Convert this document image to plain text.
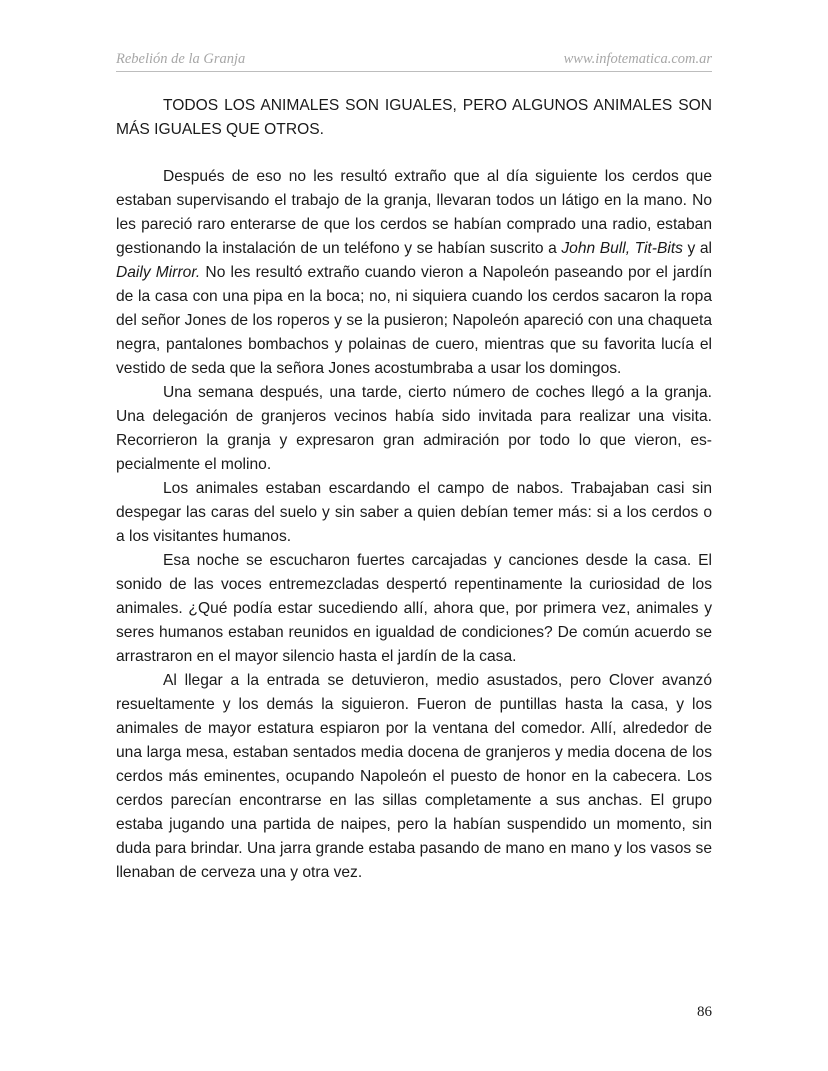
Rebelión de la Granja	www.infotematica.com.ar

TODOS LOS ANIMALES SON IGUALES, PERO ALGUNOS ANIMALES SON MÁS IGUALES QUE OTROS.

Después de eso no les resultó extraño que al día siguiente los cerdos que estaban supervisando el trabajo de la granja, llevaran todos un látigo en la mano. No les pareció raro enterarse de que los cerdos se habían comprado una radio, estaban gestionando la instalación de un teléfono y se habían suscrito a John Bull, Tit-Bits y al Daily Mirror. No les resultó extraño cuando vieron a Napoleón paseando por el jardín de la casa con una pipa en la boca; no, ni siquiera cuando los cerdos sacaron la ropa del señor Jones de los roperos y se la pusieron; Napoleón apareció con una chaqueta negra, pantalones bombachos y polainas de cuero, mientras que su favorita lucía el vestido de seda que la señora Jones acostumbraba a usar los domingos.

Una semana después, una tarde, cierto número de coches llegó a la granja. Una delegación de granjeros vecinos había sido invitada para realizar una visita. Recorrieron la granja y expresaron gran admiración por todo lo que vieron, especialmente el molino.

Los animales estaban escardando el campo de nabos. Trabajaban casi sin despegar las caras del suelo y sin saber a quien debían temer más: si a los cerdos o a los visitantes humanos.

Esa noche se escucharon fuertes carcajadas y canciones desde la casa. El sonido de las voces entremezcladas despertó repentinamente la curiosidad de los animales. ¿Qué podía estar sucediendo allí, ahora que, por primera vez, animales y seres humanos estaban reunidos en igualdad de condiciones? De común acuerdo se arrastraron en el mayor silencio hasta el jardín de la casa.

Al llegar a la entrada se detuvieron, medio asustados, pero Clover avanzó resueltamente y los demás la siguieron. Fueron de puntillas hasta la casa, y los animales de mayor estatura espiaron por la ventana del comedor. Allí, alrededor de una larga mesa, estaban sentados media docena de granjeros y media docena de los cerdos más eminentes, ocupando Napoleón el puesto de honor en la cabecera. Los cerdos parecían encontrarse en las sillas completamente a sus anchas. El grupo estaba jugando una partida de naipes, pero la habían suspendido un momento, sin duda para brindar. Una jarra grande estaba pasando de mano en mano y los vasos se llenaban de cerveza una y otra vez.

86
